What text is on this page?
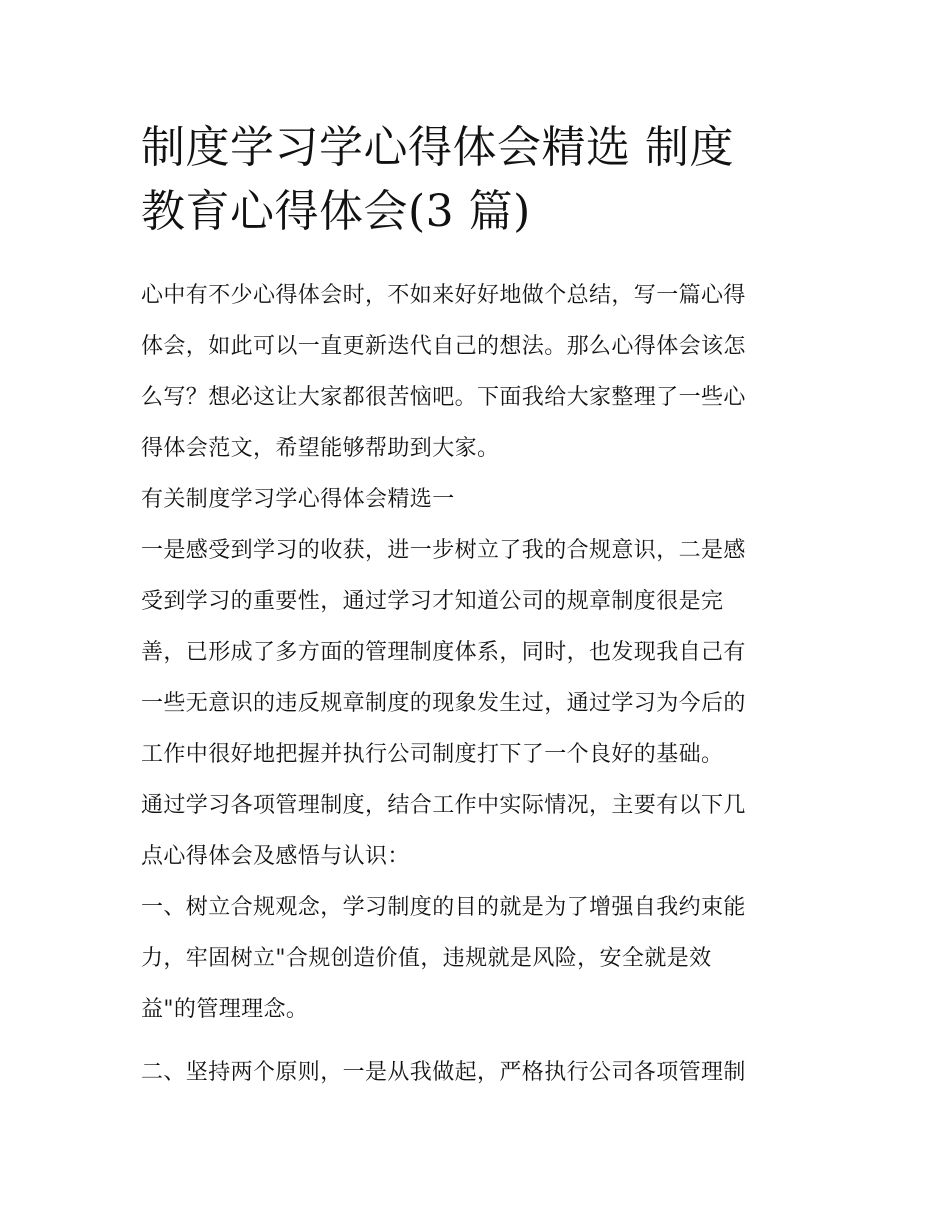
制度学习学心得体会精选 制度
教育心得体会(3 篇)
心中有不少心得体会时，不如来好好地做个总结，写一篇心得
体会，如此可以一直更新迭代自己的想法。那么心得体会该怎
么写？想必这让大家都很苦恼吧。下面我给大家整理了一些心
得体会范文，希望能够帮助到大家。
有关制度学习学心得体会精选一
一是感受到学习的收获，进一步树立了我的合规意识，二是感
受到学习的重要性，通过学习才知道公司的规章制度很是完
善，已形成了多方面的管理制度体系，同时，也发现我自己有
一些无意识的违反规章制度的现象发生过，通过学习为今后的
工作中很好地把握并执行公司制度打下了一个良好的基础。
通过学习各项管理制度，结合工作中实际情况，主要有以下几
点心得体会及感悟与认识：
一、树立合规观念，学习制度的目的就是为了增强自我约束能
力，牢固树立"合规创造价值，违规就是风险，安全就是效
益"的管理理念。
二、坚持两个原则，一是从我做起，严格执行公司各项管理制
